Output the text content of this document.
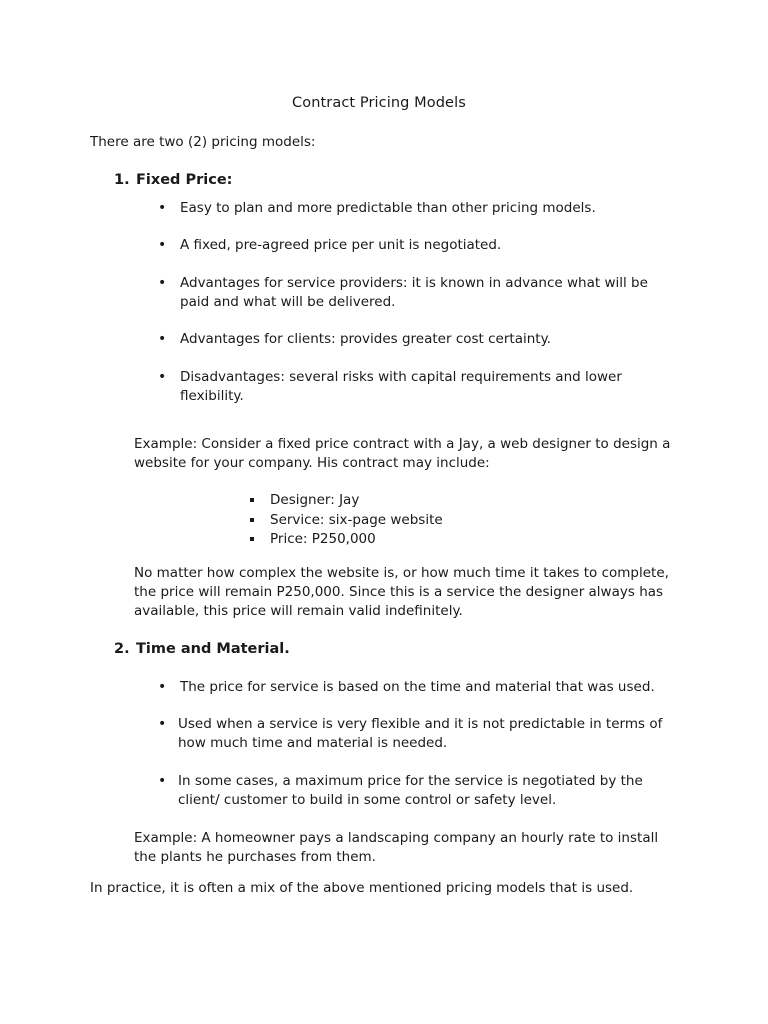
Contract Pricing Models
There are two (2) pricing models:
1. Fixed Price:
• Easy to plan and more predictable than other pricing models.
• A fixed, pre-agreed price per unit is negotiated.
• Advantages for service providers: it is known in advance what will be paid and what will be delivered.
• Advantages for clients: provides greater cost certainty.
• Disadvantages: several risks with capital requirements and lower flexibility.
Example: Consider a fixed price contract with a Jay, a web designer to design a website for your company. His contract may include:
Designer: Jay
Service: six-page website
Price: P250,000
No matter how complex the website is, or how much time it takes to complete, the price will remain P250,000. Since this is a service the designer always has available, this price will remain valid indefinitely.
2. Time and Material.
• The price for service is based on the time and material that was used.
• Used when a service is very flexible and it is not predictable in terms of how much time and material is needed.
• In some cases, a maximum price for the service is negotiated by the client/ customer to build in some control or safety level.
Example: A homeowner pays a landscaping company an hourly rate to install the plants he purchases from them.
In practice, it is often a mix of the above mentioned pricing models that is used.
